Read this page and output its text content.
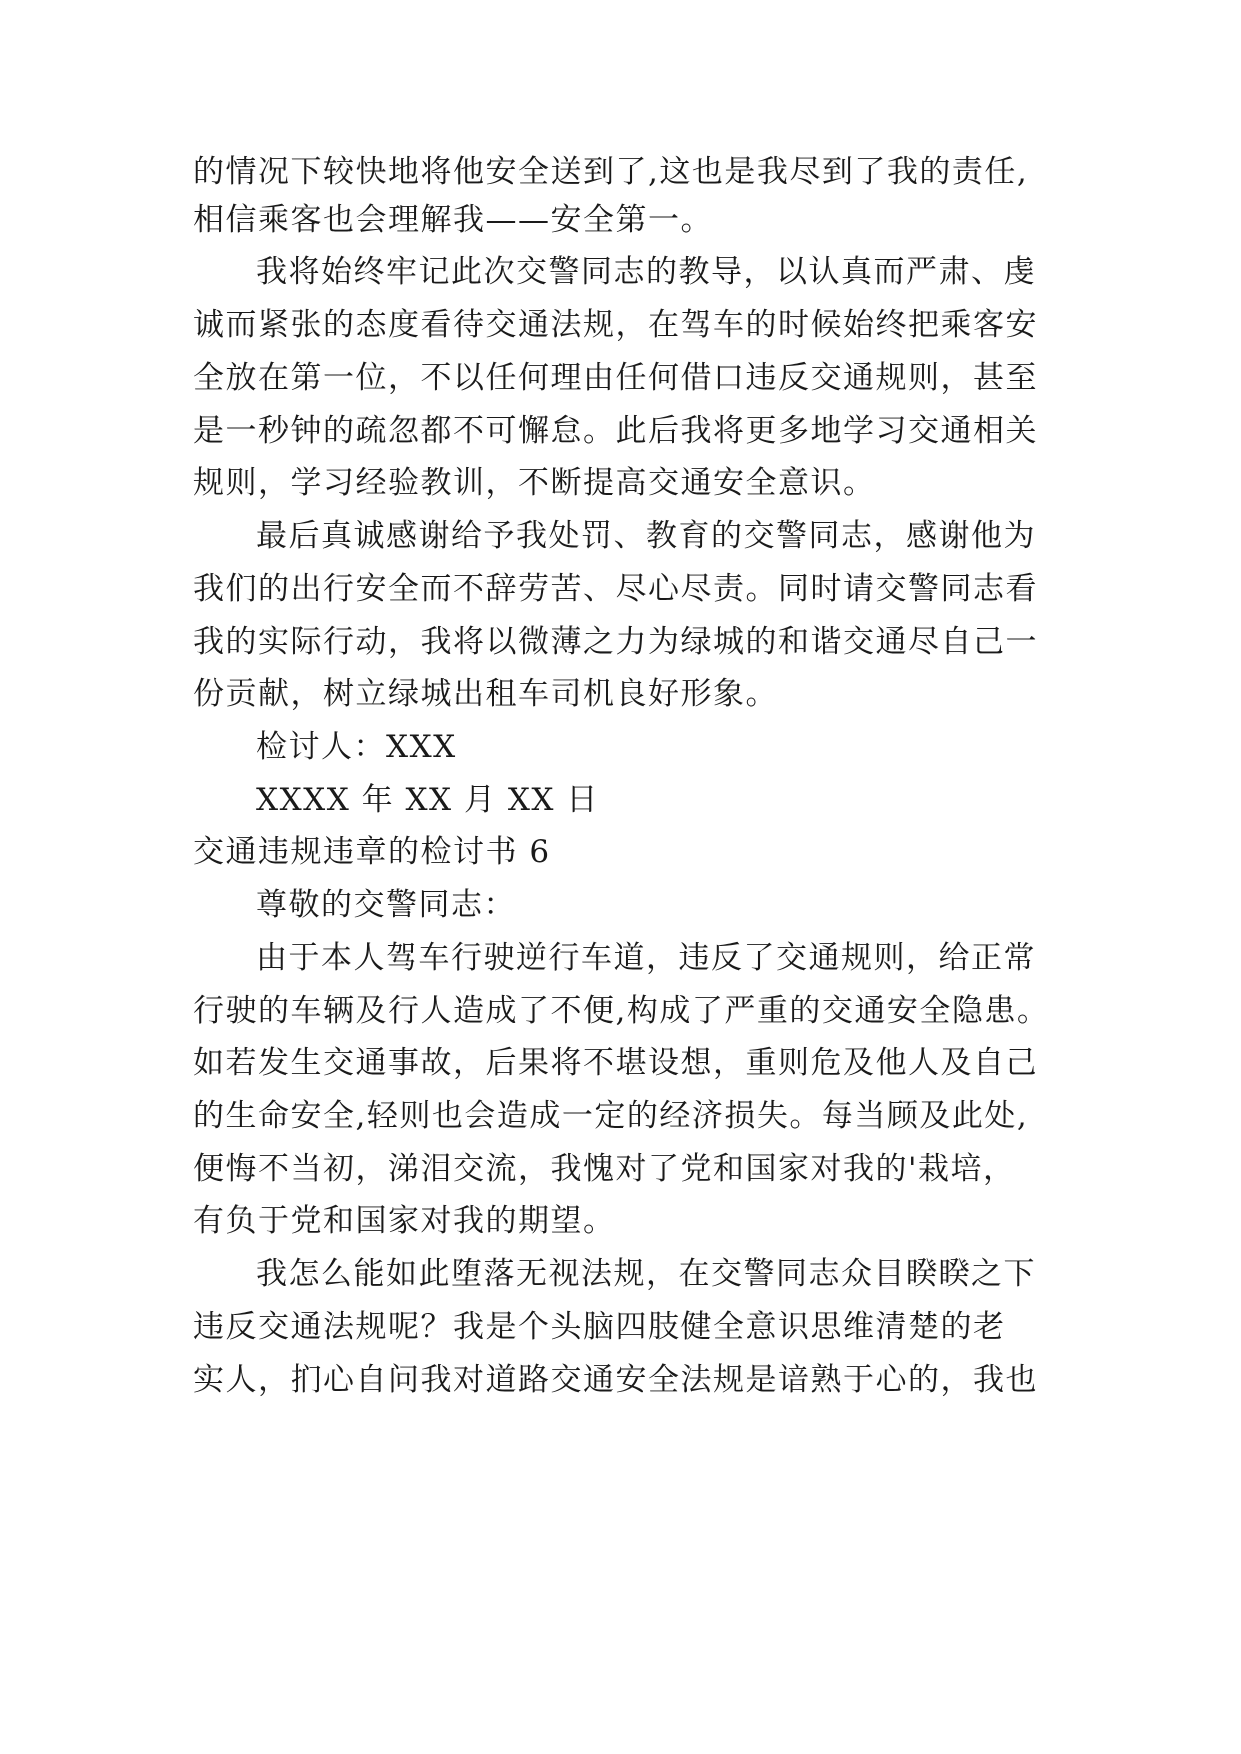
的情况下较快地将他安全送到了,这也是我尽到了我的责任,

相信乘客也会理解我——安全第一。

我将始终牢记此次交警同志的教导，以认真而严肃、虔

诚而紧张的态度看待交通法规，在驾车的时候始终把乘客安

全放在第一位，不以任何理由任何借口违反交通规则，甚至

是一秒钟的疏忽都不可懈怠。此后我将更多地学习交通相关

规则，学习经验教训，不断提高交通安全意识。

最后真诚感谢给予我处罚、教育的交警同志，感谢他为

我们的出行安全而不辞劳苦、尽心尽责。同时请交警同志看

我的实际行动，我将以微薄之力为绿城的和谐交通尽自己一

份贡献，树立绿城出租车司机良好形象。

检讨人：XXX

XXXX 年 XX 月 XX 日

交通违规违章的检讨书 6

尊敬的交警同志：

由于本人驾车行驶逆行车道，违反了交通规则，给正常

行驶的车辆及行人造成了不便,构成了严重的交通安全隐患。

如若发生交通事故，后果将不堪设想，重则危及他人及自己

的生命安全,轻则也会造成一定的经济损失。每当顾及此处,

便悔不当初，涕泪交流，我愧对了党和国家对我的'栽培，

有负于党和国家对我的期望。

我怎么能如此堕落无视法规，在交警同志众目睽睽之下

违反交通法规呢？我是个头脑四肢健全意识思维清楚的老

实人，扪心自问我对道路交通安全法规是谙熟于心的，我也
